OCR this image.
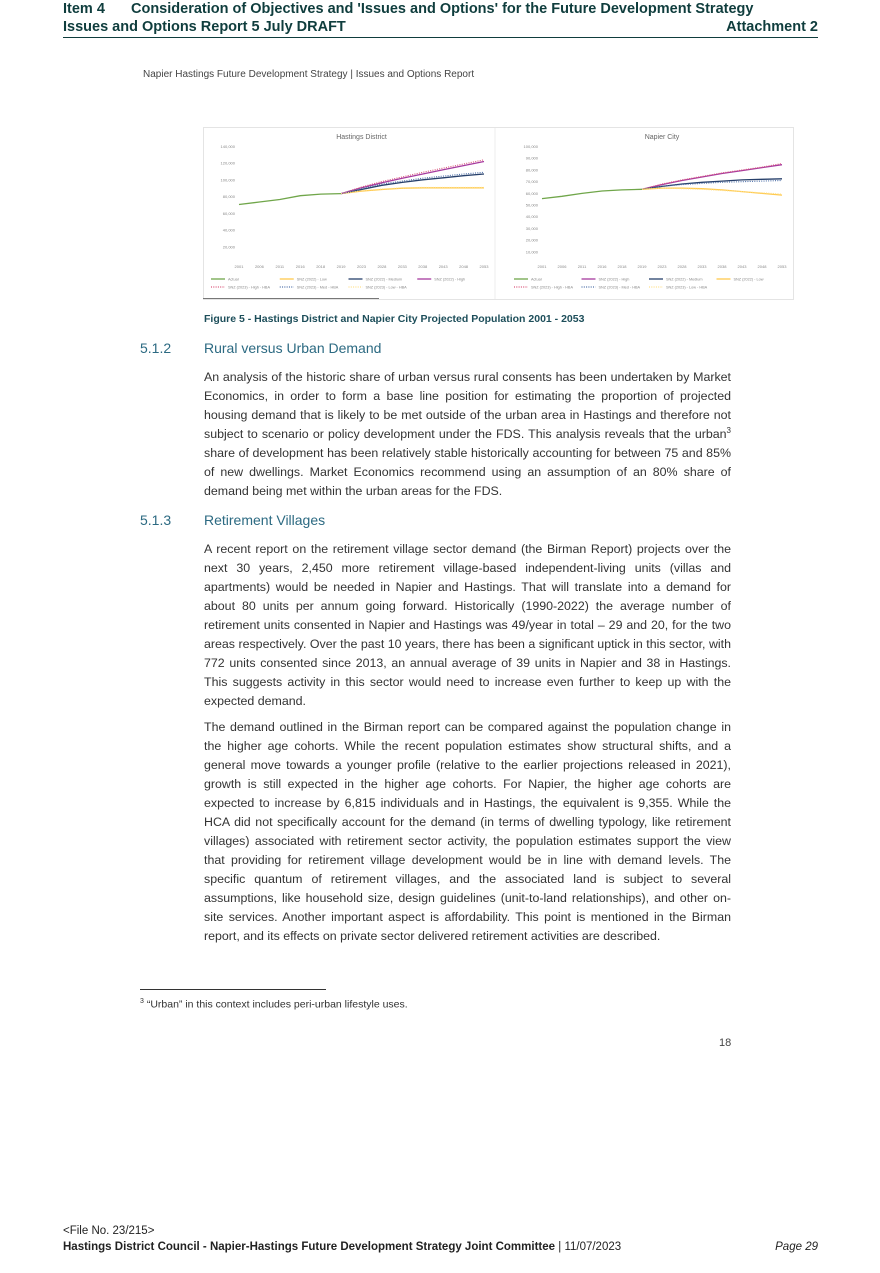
Item 4 Consideration of Objectives and 'Issues and Options' for the Future Development Strategy
Issues and Options Report 5 July DRAFT	Attachment 2
Napier Hastings Future Development Strategy | Issues and Options Report
Hastings District
20,000
40,000
60,000
80,000
100,000
120,000
140,000
2001	2006	2011	2016	2018	2019	2023	2028	2033	2038	2043	2048	2053
Actual	SNZ (2022) - Low	SNZ (2022) - Medium	SNZ (2022) - High
SNZ (2023) - High - HBA	SNZ (2023) - Med - HBA	SNZ (2023) - Low - HBA
Napier City
10,000
20,000
30,000
40,000
50,000
60,000
70,000
80,000
90,000
100,000
2001	2006	2011	2016	2018	2019	2023	2028	2033	2038	2043	2048	2053
Actual	SNZ (2022) - High	SNZ (2022) - Medium	SNZ (2022) - Low
SNZ (2023) - High - HBA	SNZ (2023) - Med - HBA	SNZ (2023) - Low - HBA
Figure 5 - Hastings District and Napier City Projected Population 2001 - 2053
5.1.2 Rural versus Urban Demand

An analysis of the historic share of urban versus rural consents has been undertaken by Market Economics, in order to form a base line position for estimating the proportion of projected housing demand that is likely to be met outside of the urban area in Hastings and therefore not subject to scenario or policy development under the FDS. This analysis reveals that the urban$^3$ share of development has been relatively stable historically accounting for between 75 and 85% of new dwellings. Market Economics recommend using an assumption of an 80% share of demand being met within the urban areas for the FDS.

5.1.3 Retirement Villages

A recent report on the retirement village sector demand (the Birman Report) projects over the next 30 years, 2,450 more retirement village-based independent-living units (villas and apartments) would be needed in Napier and Hastings. That will translate into a demand for about 80 units per annum going forward. Historically (1990-2022) the average number of retirement units consented in Napier and Hastings was 49/year in total – 29 and 20, for the two areas respectively. Over the past 10 years, there has been a significant uptick in this sector, with 772 units consented since 2013, an annual average of 39 units in Napier and 38 in Hastings. This suggests activity in this sector would need to increase even further to keep up with the expected demand.

The demand outlined in the Birman report can be compared against the population change in the higher age cohorts. While the recent population estimates show structural shifts, and a general move towards a younger profile (relative to the earlier projections released in 2021), growth is still expected in the higher age cohorts. For Napier, the higher age cohorts are expected to increase by 6,815 individuals and in Hastings, the equivalent is 9,355. While the HCA did not specifically account for the demand (in terms of dwelling typology, like retirement villages) associated with retirement sector activity, the population estimates support the view that providing for retirement village development would be in line with demand levels. The specific quantum of retirement villages, and the associated land is subject to several assumptions, like household size, design guidelines (unit-to-land relationships), and other on-site services. Another important aspect is affordability. This point is mentioned in the Birman report, and its effects on private sector delivered retirement activities are described.

$^3$ “Urban” in this context includes peri-urban lifestyle uses.
18
<File No. 23/215>
Hastings District Council - Napier-Hastings Future Development Strategy Joint Committee | 11/07/2023	Page 29
